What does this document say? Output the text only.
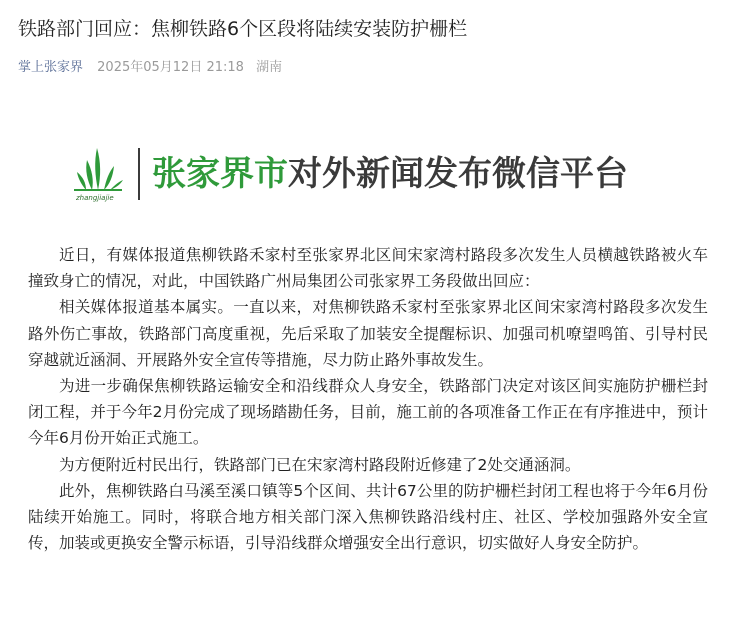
铁路部门回应：焦柳铁路6个区段将陆续安装防护栅栏
掌上张家界 2025年05月12日 21:18 湖南
zhangjiajie
张家界市对外新闻发布微信平台

近日，有媒体报道焦柳铁路禾家村至张家界北区间宋家湾村路段多次发生人员横越铁路被火车撞致身亡的情况，对此，中国铁路广州局集团公司张家界工务段做出回应：

相关媒体报道基本属实。一直以来，对焦柳铁路禾家村至张家界北区间宋家湾村路段多次发生路外伤亡事故，铁路部门高度重视，先后采取了加装安全提醒标识、加强司机嘹望鸣笛、引导村民穿越就近涵洞、开展路外安全宣传等措施，尽力防止路外事故发生。

为进一步确保焦柳铁路运输安全和沿线群众人身安全，铁路部门决定对该区间实施防护栅栏封闭工程，并于今年2月份完成了现场踏勘任务，目前，施工前的各项准备工作正在有序推进中，预计今年6月份开始正式施工。

为方便附近村民出行，铁路部门已在宋家湾村路段附近修建了2处交通涵洞。

此外，焦柳铁路白马溪至溪口镇等5个区间、共计67公里的防护栅栏封闭工程也将于今年6月份陆续开始施工。同时，将联合地方相关部门深入焦柳铁路沿线村庄、社区、学校加强路外安全宣传，加装或更换安全警示标语，引导沿线群众增强安全出行意识，切实做好人身安全防护。
